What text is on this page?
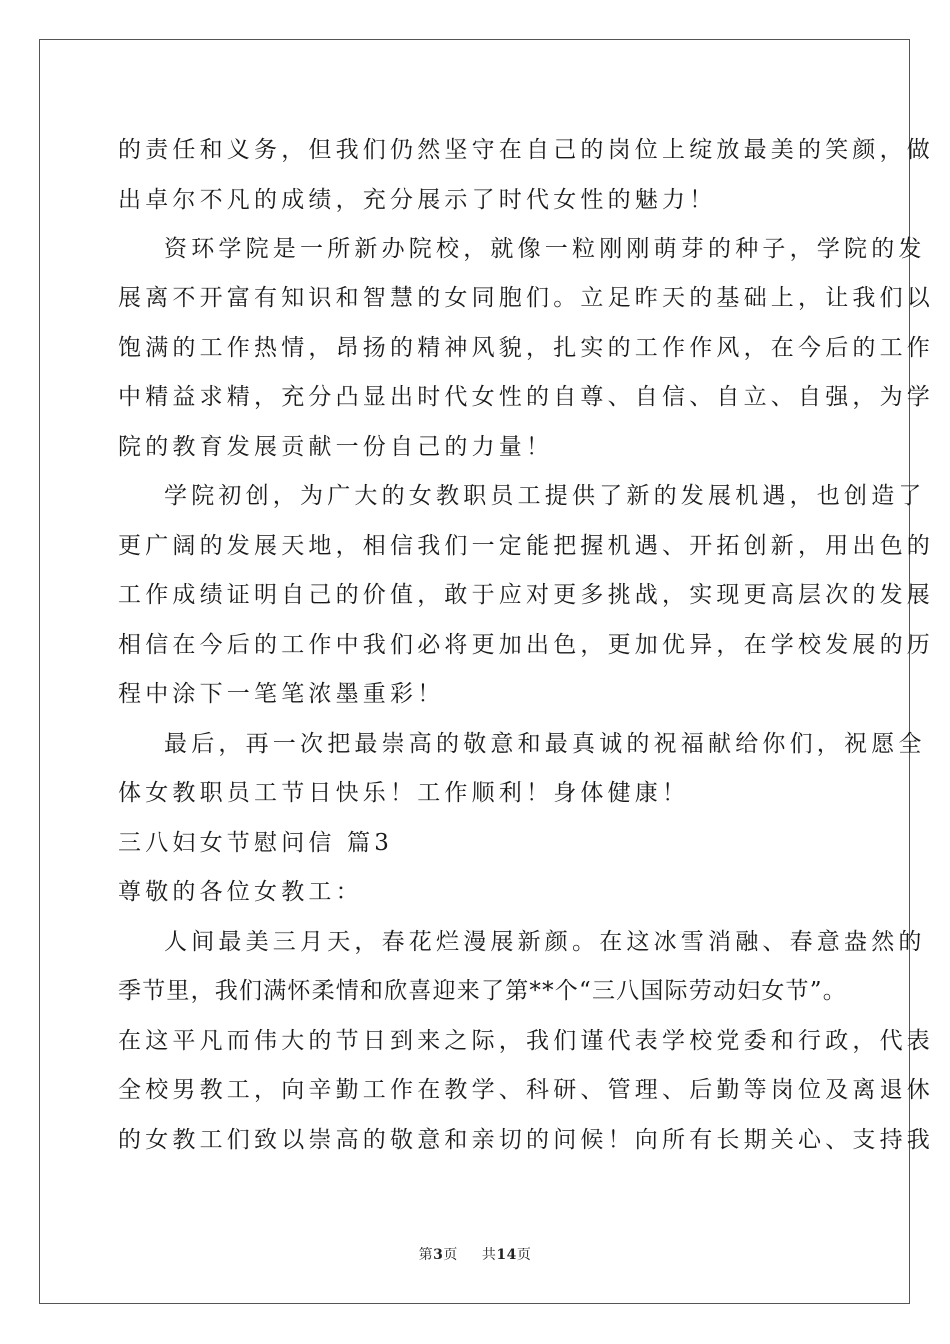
的责任和义务，但我们仍然坚守在自己的岗位上绽放最美的笑颜，做
出卓尔不凡的成绩，充分展示了时代女性的魅力！
资环学院是一所新办院校，就像一粒刚刚萌芽的种子，学院的发
展离不开富有知识和智慧的女同胞们。立足昨天的基础上，让我们以
饱满的工作热情，昂扬的精神风貌，扎实的工作作风，在今后的工作
中精益求精，充分凸显出时代女性的自尊、自信、自立、自强，为学
院的教育发展贡献一份自己的力量！
学院初创，为广大的女教职员工提供了新的发展机遇，也创造了
更广阔的发展天地，相信我们一定能把握机遇、开拓创新，用出色的
工作成绩证明自己的价值，敢于应对更多挑战，实现更高层次的发展
相信在今后的工作中我们必将更加出色，更加优异，在学校发展的历
程中涂下一笔笔浓墨重彩！
最后，再一次把最崇高的敬意和最真诚的祝福献给你们，祝愿全
体女教职员工节日快乐！工作顺利！身体健康！
三八妇女节慰问信 篇3
尊敬的各位女教工：
人间最美三月天，春花烂漫展新颜。在这冰雪消融、春意盎然的
季节里，我们满怀柔情和欣喜迎来了第**个“三八国际劳动妇女节”。
在这平凡而伟大的节日到来之际，我们谨代表学校党委和行政，代表
全校男教工，向辛勤工作在教学、科研、管理、后勤等岗位及离退休
的女教工们致以崇高的敬意和亲切的问候！向所有长期关心、支持我
第3页 共14页
